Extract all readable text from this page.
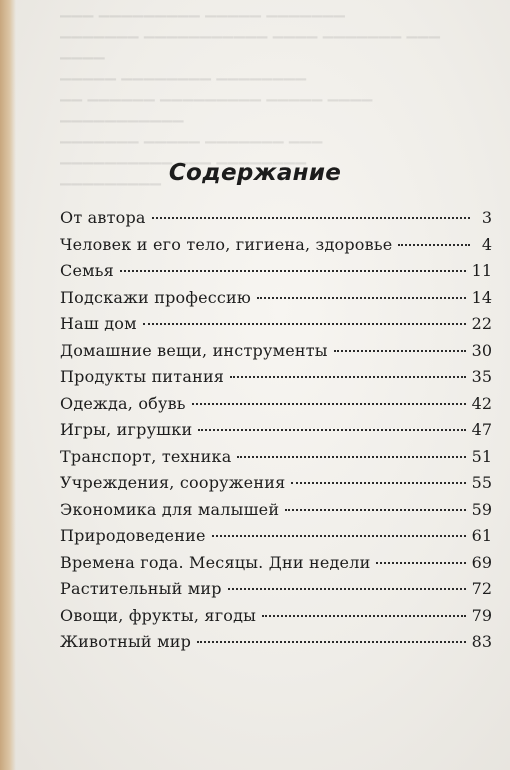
▁▁▁ ▁▁▁▁▁▁▁▁▁ ▁▁▁▁▁ ▁▁▁▁▁▁▁
▁▁▁▁▁▁▁ ▁▁▁▁▁▁▁▁▁▁▁ ▁▁▁▁ ▁▁▁▁▁▁▁ ▁▁▁
▁▁▁▁
▁▁▁▁▁ ▁▁▁▁▁▁▁▁ ▁▁▁▁▁▁▁▁
▁▁ ▁▁▁▁▁▁ ▁▁▁▁▁▁▁▁▁ ▁▁▁▁▁ ▁▁▁▁
▁▁▁▁▁▁▁▁▁▁▁
▁▁▁▁▁▁▁ ▁▁▁▁▁ ▁▁▁▁▁▁▁ ▁▁▁
▁▁▁▁▁▁▁▁▁▁ ▁▁▁ ▁▁▁▁▁▁▁▁
▁▁▁▁▁▁▁▁▁ Содержание
От автора	3
Человек и его тело, гигиена, здоровье	4
Семья	11
Подскажи профессию	14
Наш дом	22
Домашние вещи, инструменты	30
Продукты питания	35
Одежда, обувь	42
Игры, игрушки	47
Транспорт, техника	51
Учреждения, сооружения	55
Экономика для малышей	59
Природоведение	61
Времена года. Месяцы. Дни недели	69
Растительный мир	72
Овощи, фрукты, ягоды	79
Животный мир	83
